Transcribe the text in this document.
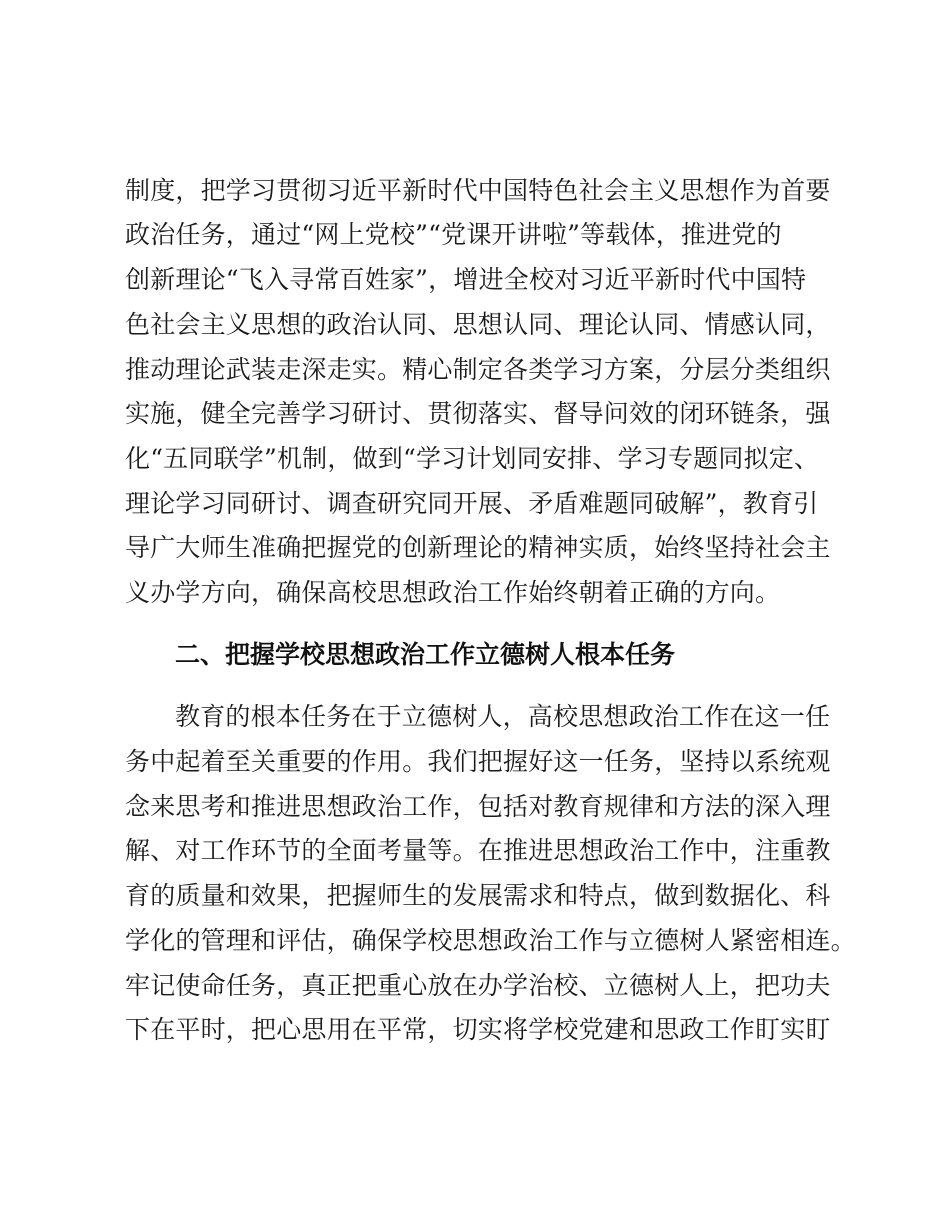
制度，把学习贯彻习近平新时代中国特色社会主义思想作为首要
政治任务，通过“网上党校”“党课开讲啦”等载体，推进党的
创新理论“飞入寻常百姓家”，增进全校对习近平新时代中国特
色社会主义思想的政治认同、思想认同、理论认同、情感认同，
推动理论武装走深走实。精心制定各类学习方案，分层分类组织
实施，健全完善学习研讨、贯彻落实、督导问效的闭环链条，强
化“五同联学”机制，做到“学习计划同安排、学习专题同拟定、
理论学习同研讨、调查研究同开展、矛盾难题同破解”，教育引
导广大师生准确把握党的创新理论的精神实质，始终坚持社会主
义办学方向，确保高校思想政治工作始终朝着正确的方向。
二、把握学校思想政治工作立德树人根本任务
教育的根本任务在于立德树人，高校思想政治工作在这一任
务中起着至关重要的作用。我们把握好这一任务，坚持以系统观
念来思考和推进思想政治工作，包括对教育规律和方法的深入理
解、对工作环节的全面考量等。在推进思想政治工作中，注重教
育的质量和效果，把握师生的发展需求和特点，做到数据化、科
学化的管理和评估，确保学校思想政治工作与立德树人紧密相连。
牢记使命任务，真正把重心放在办学治校、立德树人上，把功夫
下在平时，把心思用在平常，切实将学校党建和思政工作盯实盯
